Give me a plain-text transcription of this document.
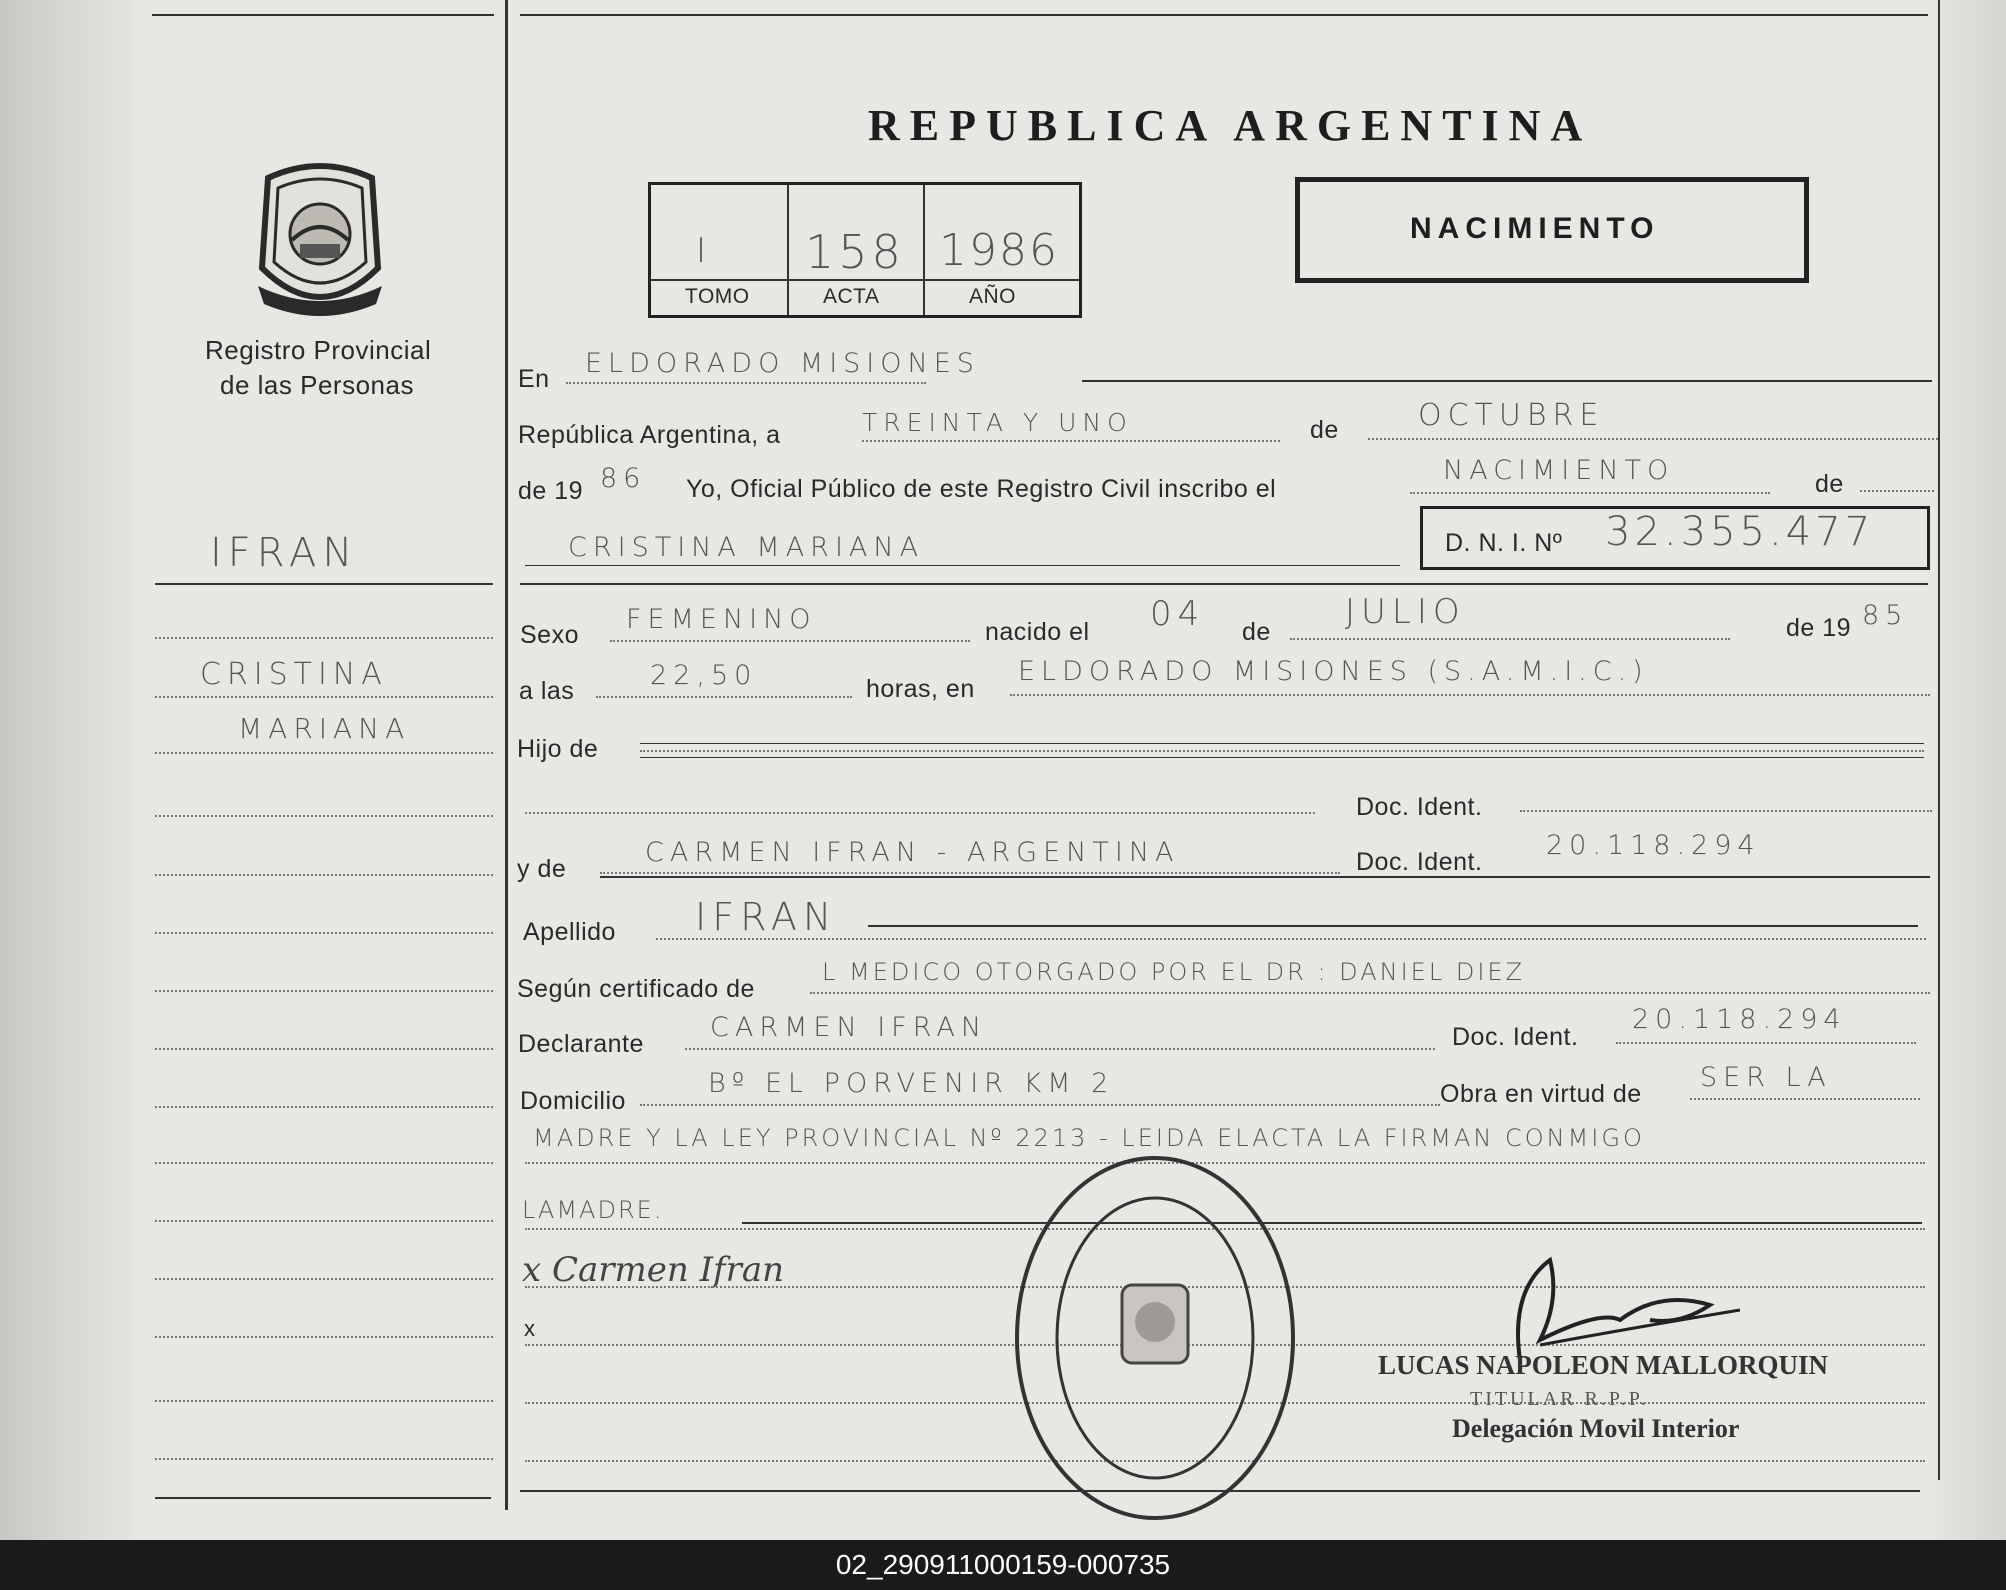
Registro Provincial
de las Personas
REPUBLICA ARGENTINA
I 158 1986
TOMO	ACTA	AÑO
NACIMIENTO
IFRAN
CRISTINA
MARIANA
En ELDORADO MISIONES
República Argentina, a	TREINTA Y UNO	de	OCTUBRE
de 19 86 Yo, Oficial Público de este Registro Civil inscribo el
NACIMIENTO	de
CRISTINA MARIANA	D. N. I. Nº 32.355.477
Sexo FEMENINO	nacido el 04 de JULIO	de 19 85
a las	22,50	horas, en
ELDORADO MISIONES (S.A.M.I.C.)
Hijo de
Doc. Ident.
y de
CARMEN IFRAN - ARGENTINA	Doc. Ident.
20.118.294
Apellido IFRAN
Según certificado de
L MEDICO OTORGADO POR EL DR : DANIEL DIEZ
Declarante
CARMEN IFRAN	Doc. Ident.
20.118.294
Domicilio
Bº EL PORVENIR KM 2	Obra en virtud de
SER LA
MADRE Y LA LEY PROVINCIAL Nº 2213 - LEIDA ELACTA LA FIRMAN CONMIGO
LAMADRE.
x Carmen Ifran
x
LUCAS NAPOLEON MALLORQUIN
TITULAR R.P.P.
Delegación Movil Interior
02_290911000159-000735
